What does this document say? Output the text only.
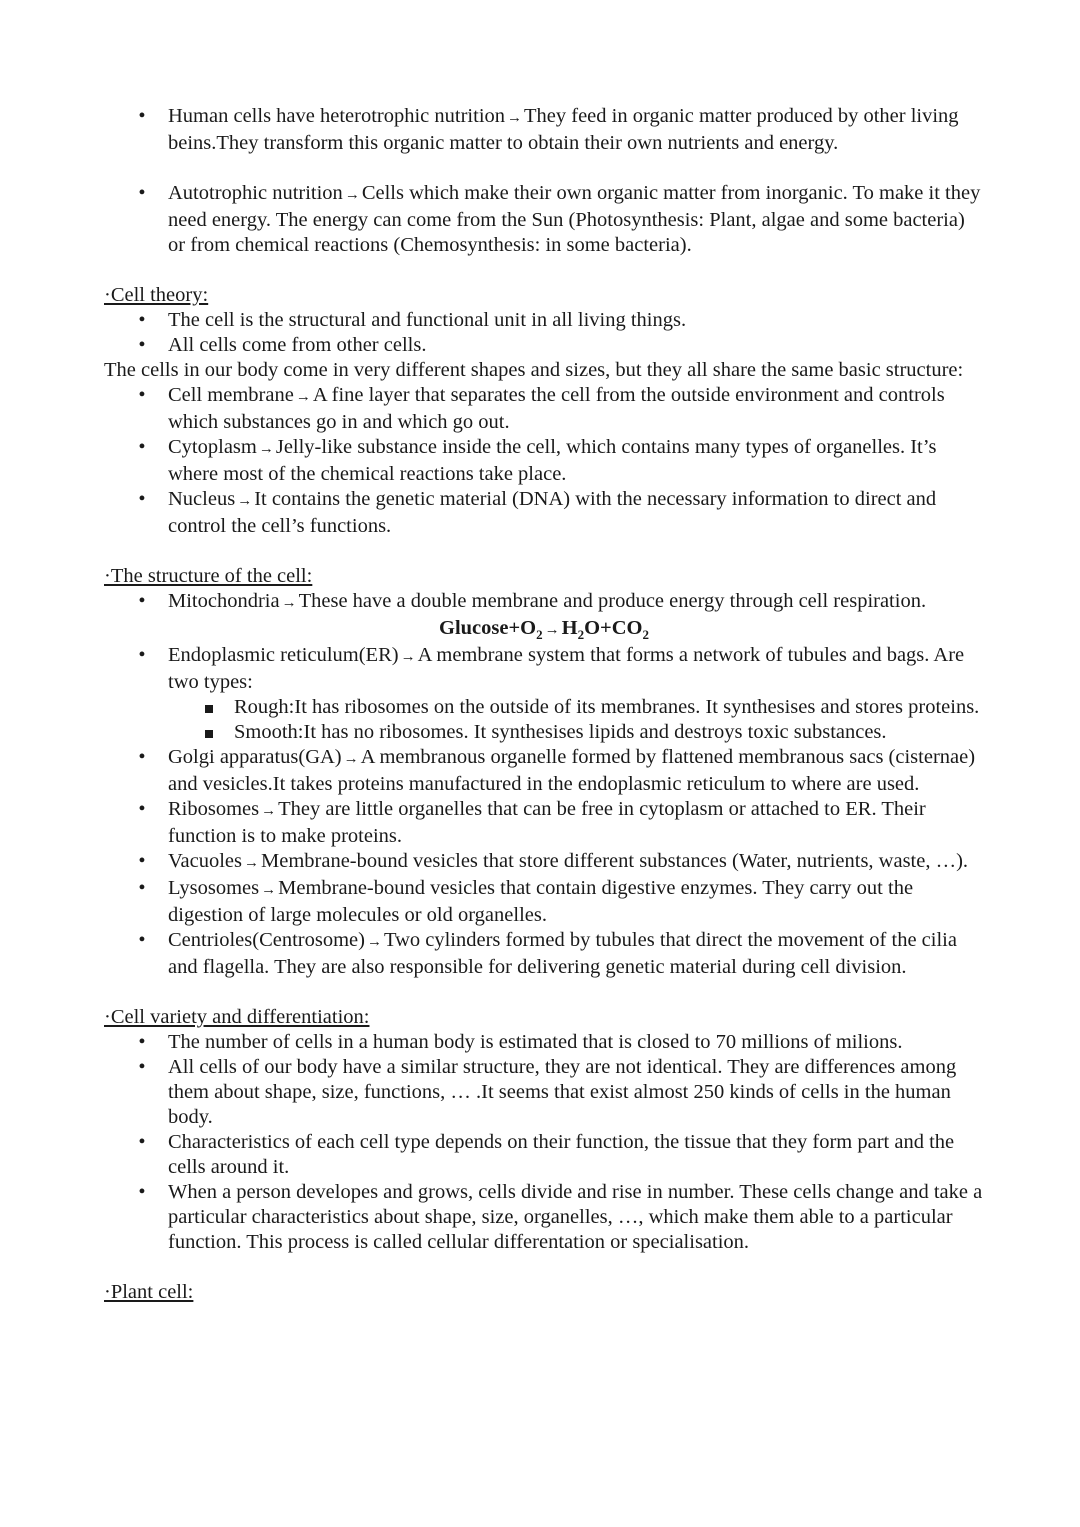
• Human cells have heterotrophic nutrition →They feed in organic matter produced by other living beins.They transform this organic matter to obtain their own nutrients and energy.
• Autotrophic nutrition →Cells which make their own organic matter from inorganic. To make it they need energy. The energy can come from the Sun (Photosynthesis: Plant, algae and some bacteria) or from chemical reactions (Chemosynthesis: in some bacteria).
·Cell theory:
• The cell is the structural and functional unit in all living things.
• All cells come from other cells.

The cells in our body come in very different shapes and sizes, but they all share the same basic structure:

• Cell membrane →A fine layer that separates the cell from the outside environment and controls which substances go in and which go out.
• Cytoplasm →Jelly-like substance inside the cell, which contains many types of organelles. It’s where most of the chemical reactions take place.
• Nucleus →It contains the genetic material (DNA) with the necessary information to direct and control the cell’s functions.
·The structure of the cell:
• Mitochondria →These have a double membrane and produce energy through cell respiration.
$Glucose+O_2 \to H_2O+CO_2$
• Endoplasmic reticulum(ER) →A membrane system that forms a network of tubules and bags. Are two types:
Rough:It has ribosomes on the outside of its membranes. It synthesises and stores proteins.
Smooth:It has no ribosomes. It synthesises lipids and destroys toxic substances.
• Golgi apparatus(GA) →A membranous organelle formed by flattened membranous sacs (cisternae) and vesicles.It takes proteins manufactured in the endoplasmic reticulum to where are used.
• Ribosomes →They are little organelles that can be free in cytoplasm or attached to ER. Their function is to make proteins.
• Vacuoles →Membrane-bound vesicles that store different substances (Water, nutrients, waste, …).
• Lysosomes →Membrane-bound vesicles that contain digestive enzymes. They carry out the digestion of large molecules or old organelles.
• Centrioles(Centrosome) →Two cylinders formed by tubules that direct the movement of the cilia and flagella. They are also responsible for delivering genetic material during cell division.
·Cell variety and differentiation:
• The number of cells in a human body is estimated that is closed to 70 millions of milions.
• All cells of our body have a similar structure, they are not identical. They are differences among them about shape, size, functions, … .It seems that exist almost 250 kinds of cells in the human body.
• Characteristics of each cell type depends on their function, the tissue that they form part and the cells around it.
• When a person developes and grows, cells divide and rise in number. These cells change and take a particular characteristics about shape, size, organelles, …, which make them able to a particular function. This process is called cellular differentation or specialisation.
·Plant cell:
